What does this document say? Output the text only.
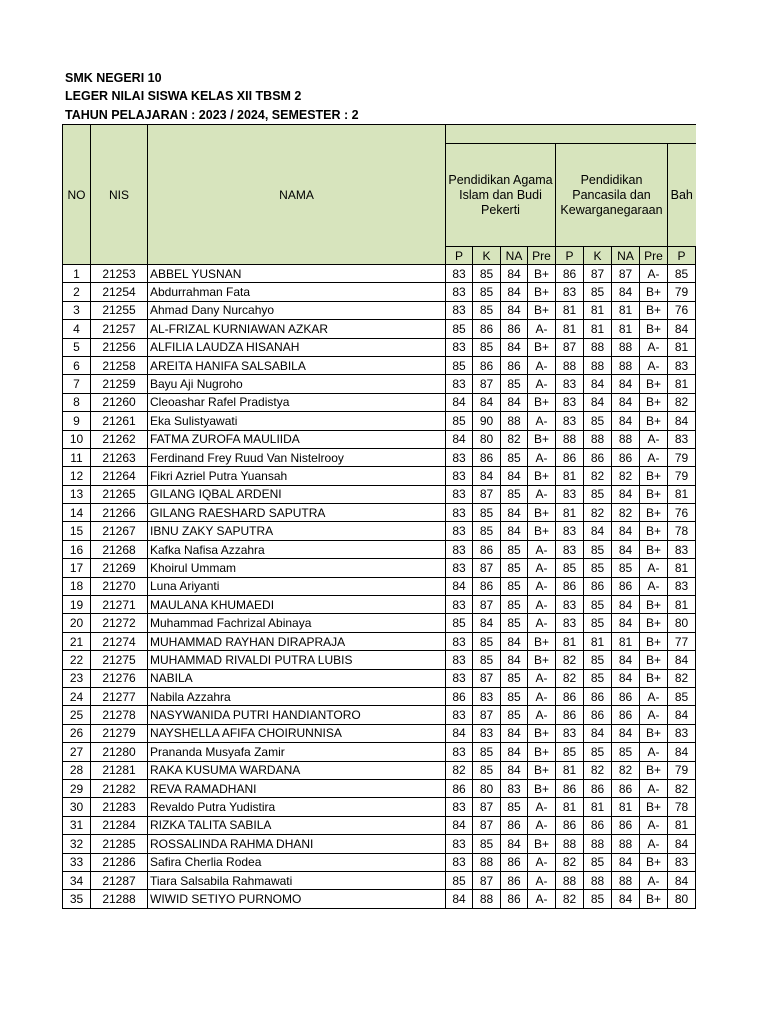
SMK NEGERI 10
LEGER NILAI SISWA KELAS XII TBSM 2
TAHUN PELAJARAN : 2023 / 2024, SEMESTER : 2
NO	NIS	NAMA									
			Pendidikan Agama Islam dan Budi Pekerti				Pendidikan Pancasila dan Kewarganegaraan				Bah
			P	K	NA	Pre	P	K	NA	Pre	P
1	21253	ABBEL YUSNAN	83	85	84	B+	86	87	87	A-	85
2	21254	Abdurrahman Fata	83	85	84	B+	83	85	84	B+	79
3	21255	Ahmad Dany Nurcahyo	83	85	84	B+	81	81	81	B+	76
4	21257	AL-FRIZAL KURNIAWAN AZKAR	85	86	86	A-	81	81	81	B+	84
5	21256	ALFILIA LAUDZA HISANAH	83	85	84	B+	87	88	88	A-	81
6	21258	AREITA HANIFA SALSABILA	85	86	86	A-	88	88	88	A-	83
7	21259	Bayu Aji Nugroho	83	87	85	A-	83	84	84	B+	81
8	21260	Cleoashar Rafel Pradistya	84	84	84	B+	83	84	84	B+	82
9	21261	Eka Sulistyawati	85	90	88	A-	83	85	84	B+	84
10	21262	FATMA ZUROFA MAULIIDA	84	80	82	B+	88	88	88	A-	83
11	21263	Ferdinand Frey Ruud Van Nistelrooy	83	86	85	A-	86	86	86	A-	79
12	21264	Fikri Azriel Putra Yuansah	83	84	84	B+	81	82	82	B+	79
13	21265	GILANG IQBAL ARDENI	83	87	85	A-	83	85	84	B+	81
14	21266	GILANG RAESHARD SAPUTRA	83	85	84	B+	81	82	82	B+	76
15	21267	IBNU ZAKY SAPUTRA	83	85	84	B+	83	84	84	B+	78
16	21268	Kafka Nafisa Azzahra	83	86	85	A-	83	85	84	B+	83
17	21269	Khoirul Ummam	83	87	85	A-	85	85	85	A-	81
18	21270	Luna Ariyanti	84	86	85	A-	86	86	86	A-	83
19	21271	MAULANA KHUMAEDI	83	87	85	A-	83	85	84	B+	81
20	21272	Muhammad Fachrizal Abinaya	85	84	85	A-	83	85	84	B+	80
21	21274	MUHAMMAD RAYHAN DIRAPRAJA	83	85	84	B+	81	81	81	B+	77
22	21275	MUHAMMAD RIVALDI PUTRA LUBIS	83	85	84	B+	82	85	84	B+	84
23	21276	NABILA	83	87	85	A-	82	85	84	B+	82
24	21277	Nabila Azzahra	86	83	85	A-	86	86	86	A-	85
25	21278	NASYWANIDA PUTRI HANDIANTORO	83	87	85	A-	86	86	86	A-	84
26	21279	NAYSHELLA AFIFA CHOIRUNNISA	84	83	84	B+	83	84	84	B+	83
27	21280	Prananda Musyafa Zamir	83	85	84	B+	85	85	85	A-	84
28	21281	RAKA KUSUMA WARDANA	82	85	84	B+	81	82	82	B+	79
29	21282	REVA RAMADHANI	86	80	83	B+	86	86	86	A-	82
30	21283	Revaldo Putra Yudistira	83	87	85	A-	81	81	81	B+	78
31	21284	RIZKA TALITA SABILA	84	87	86	A-	86	86	86	A-	81
32	21285	ROSSALINDA RAHMA DHANI	83	85	84	B+	88	88	88	A-	84
33	21286	Safira Cherlia Rodea	83	88	86	A-	82	85	84	B+	83
34	21287	Tiara Salsabila Rahmawati	85	87	86	A-	88	88	88	A-	84
35	21288	WIWID SETIYO PURNOMO	84	88	86	A-	82	85	84	B+	80
